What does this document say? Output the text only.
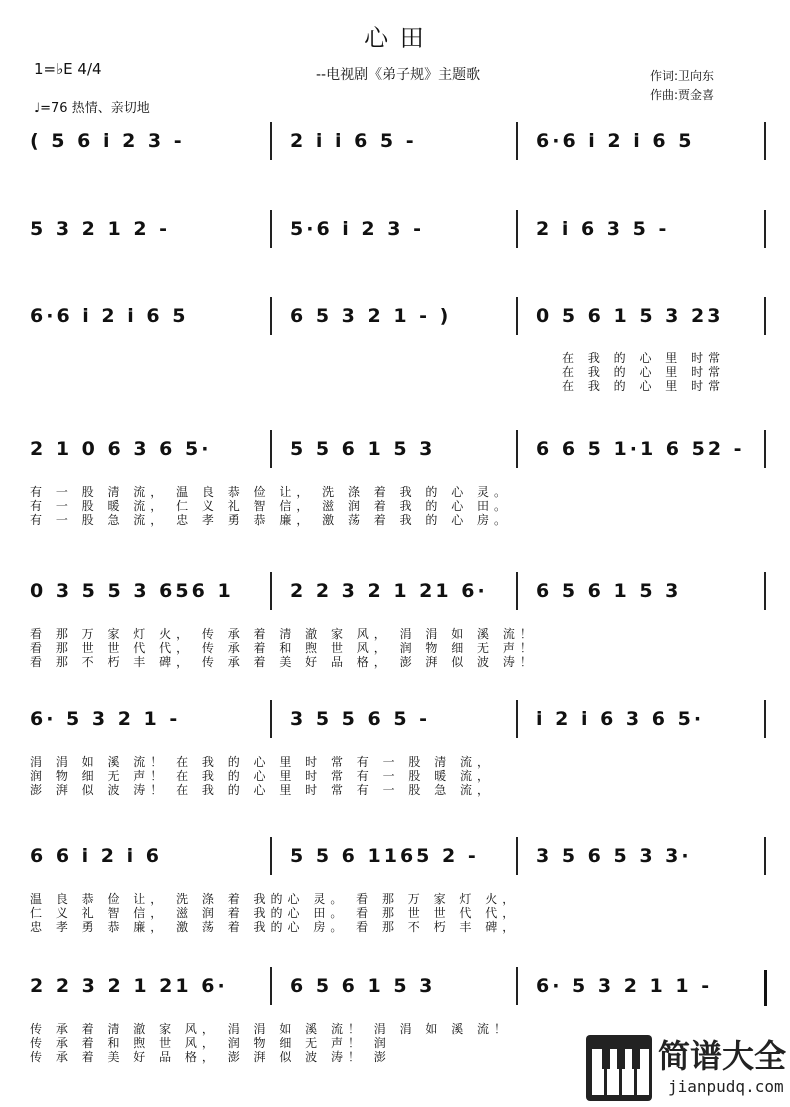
心 田
1=♭E 4/4
♩=76 热情、亲切地
--电视剧《弟子规》主题歌	作词:卫向东
作曲:贾金喜
( 5 6 i 2 3 -	2 i i 6 5 -	6·6 i 2 i 6 5
5 3 2 1 2 -	5·6 i 2 3 -	2 i 6 3 5 -
6·6 i 2 i 6 5	6 5 3 2 1 - )	0 5 6 1 5 3 23
在 我 的 心 里 时常
在 我 的 心 里 时常
在 我 的 心 里 时常
2 1 0 6 3 6 5·	5 5 6 1 5 3	6 6 5 1·1 6 52 -
有 一 股 清 流， 温 良 恭 俭 让， 洗 涤 着 我 的 心 灵。
有 一 股 暖 流， 仁 义 礼 智 信， 滋 润 着 我 的 心 田。
有 一 股 急 流， 忠 孝 勇 恭 廉， 激 荡 着 我 的 心 房。
0 3 5 5 3 656 1	2 2 3 2 1 21 6·	6 5 6 1 5 3
看 那 万 家 灯 火， 传 承 着 清 澈 家 风， 涓 涓 如 溪 流！
看 那 世 世 代 代， 传 承 着 和 煦 世 风， 润 物 细 无 声！
看 那 不 朽 丰 碑， 传 承 着 美 好 品 格， 澎 湃 似 波 涛！
6· 5 3 2 1 -	3 5 5 6 5 -	i 2 i 6 3 6 5·
涓 涓 如 溪 流！ 在 我 的 心 里 时 常 有 一 股 清 流，
润 物 细 无 声！ 在 我 的 心 里 时 常 有 一 股 暖 流，
澎 湃 似 波 涛！ 在 我 的 心 里 时 常 有 一 股 急 流，
6 6 i 2 i 6	5 5 6 1165 2 -	3 5 6 5 3 3·
温 良 恭 俭 让， 洗 涤 着 我的心 灵。 看 那 万 家 灯 火，
仁 义 礼 智 信， 滋 润 着 我的心 田。 看 那 世 世 代 代，
忠 孝 勇 恭 廉， 激 荡 着 我的心 房。 看 那 不 朽 丰 碑，
2 2 3 2 1 21 6·	6 5 6 1 5 3	6· 5 3 2 1 1 -
传 承 着 清 澈 家 风， 涓 涓 如 溪 流！ 涓 涓 如 溪 流！
传 承 着 和 煦 世 风， 润 物 细 无 声！ 润
传 承 着 美 好 品 格， 澎 湃 似 波 涛！ 澎	简谱大全
jianpudq.com
